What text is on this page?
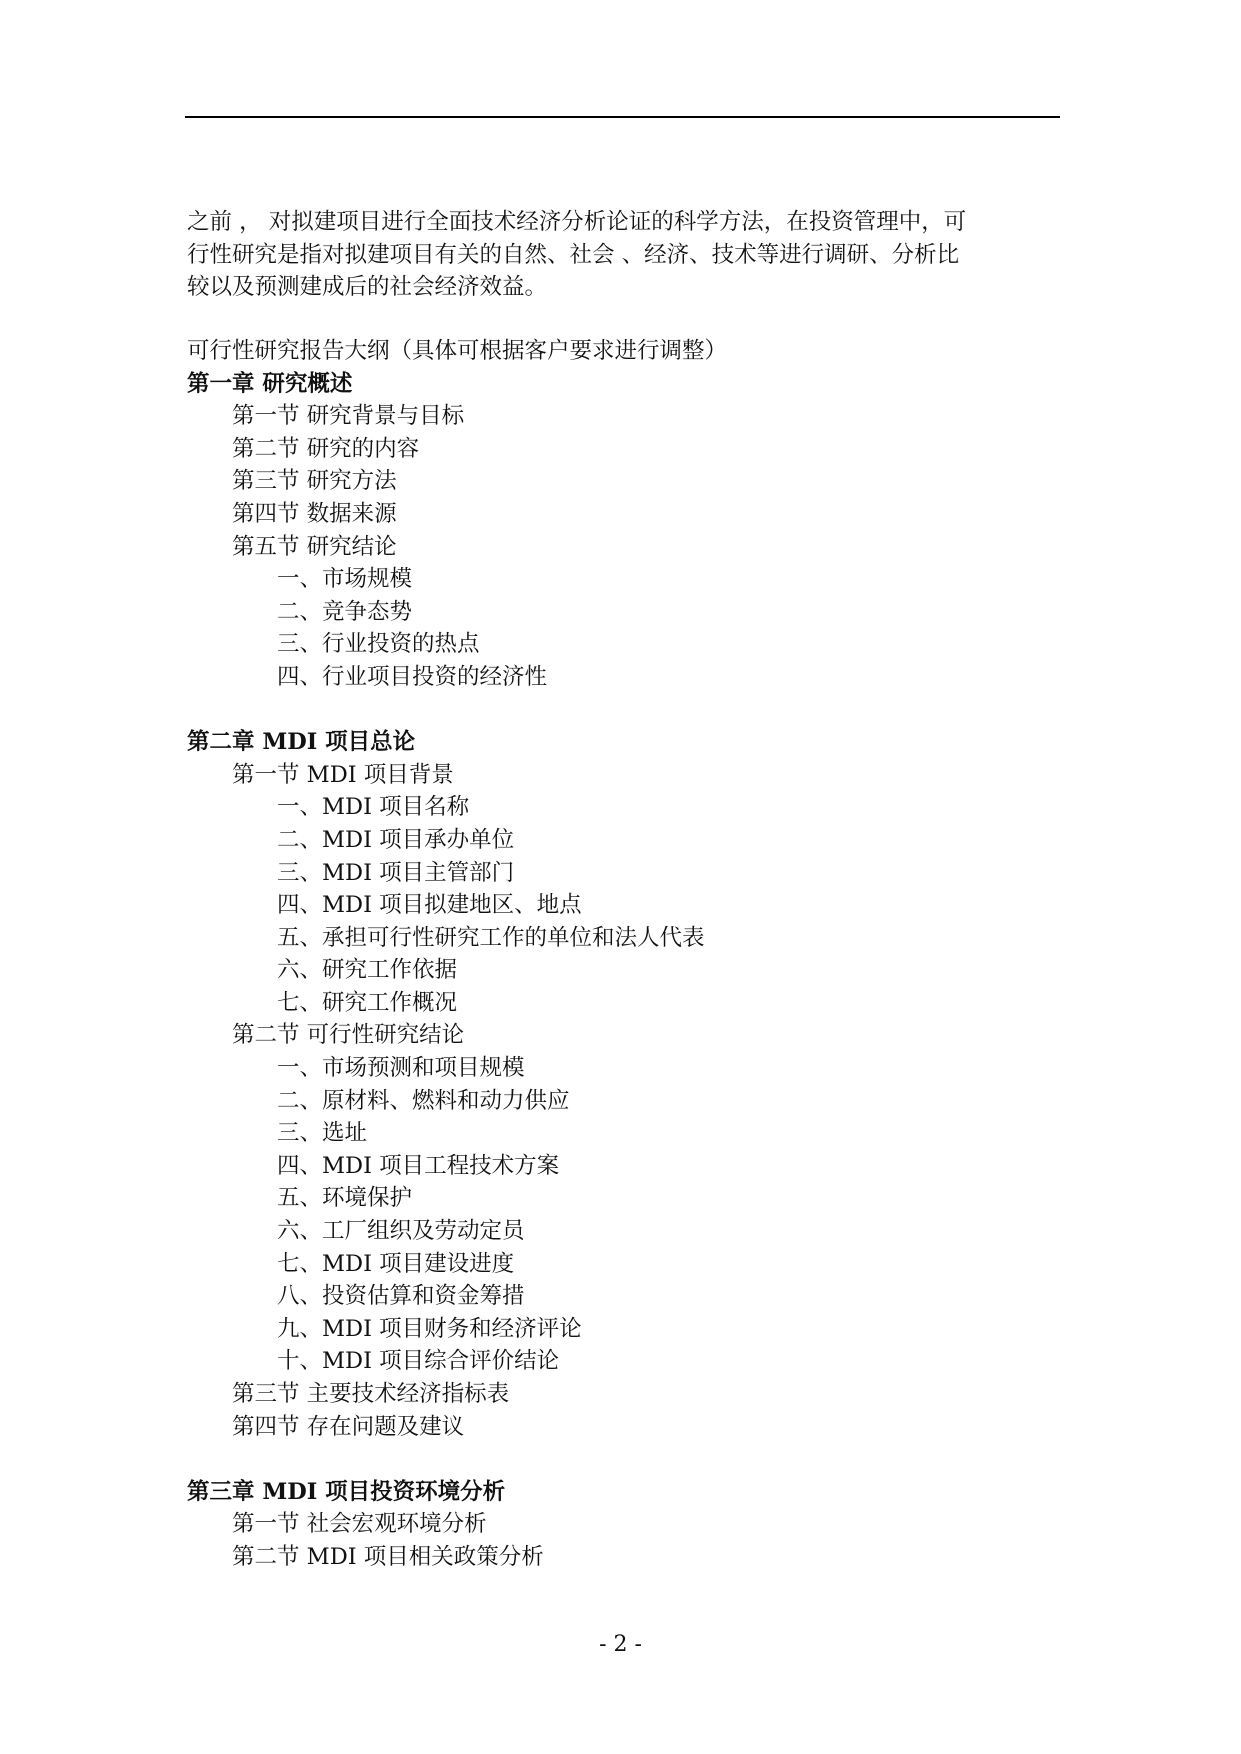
之前 ， 对拟建项目进行全面技术经济分析论证的科学方法，在投资管理中，可

行性研究是指对拟建项目有关的自然、社会 、经济、技术等进行调研、分析比

较以及预测建成后的社会经济效益。

可行性研究报告大纲（具体可根据客户要求进行调整）

第一章 研究概述

第一节 研究背景与目标

第二节 研究的内容

第三节 研究方法

第四节 数据来源

第五节 研究结论

一、市场规模

二、竞争态势

三、行业投资的热点

四、行业项目投资的经济性

第二章 MDI 项目总论

第一节 MDI 项目背景

一、MDI 项目名称

二、MDI 项目承办单位

三、MDI 项目主管部门

四、MDI 项目拟建地区、地点

五、承担可行性研究工作的单位和法人代表

六、研究工作依据

七、研究工作概况

第二节 可行性研究结论

一、市场预测和项目规模

二、原材料、燃料和动力供应

三、选址

四、MDI 项目工程技术方案

五、环境保护

六、工厂组织及劳动定员

七、MDI 项目建设进度

八、投资估算和资金筹措

九、MDI 项目财务和经济评论

十、MDI 项目综合评价结论

第三节 主要技术经济指标表

第四节 存在问题及建议

第三章 MDI 项目投资环境分析

第一节 社会宏观环境分析

第二节 MDI 项目相关政策分析

- 2 -
